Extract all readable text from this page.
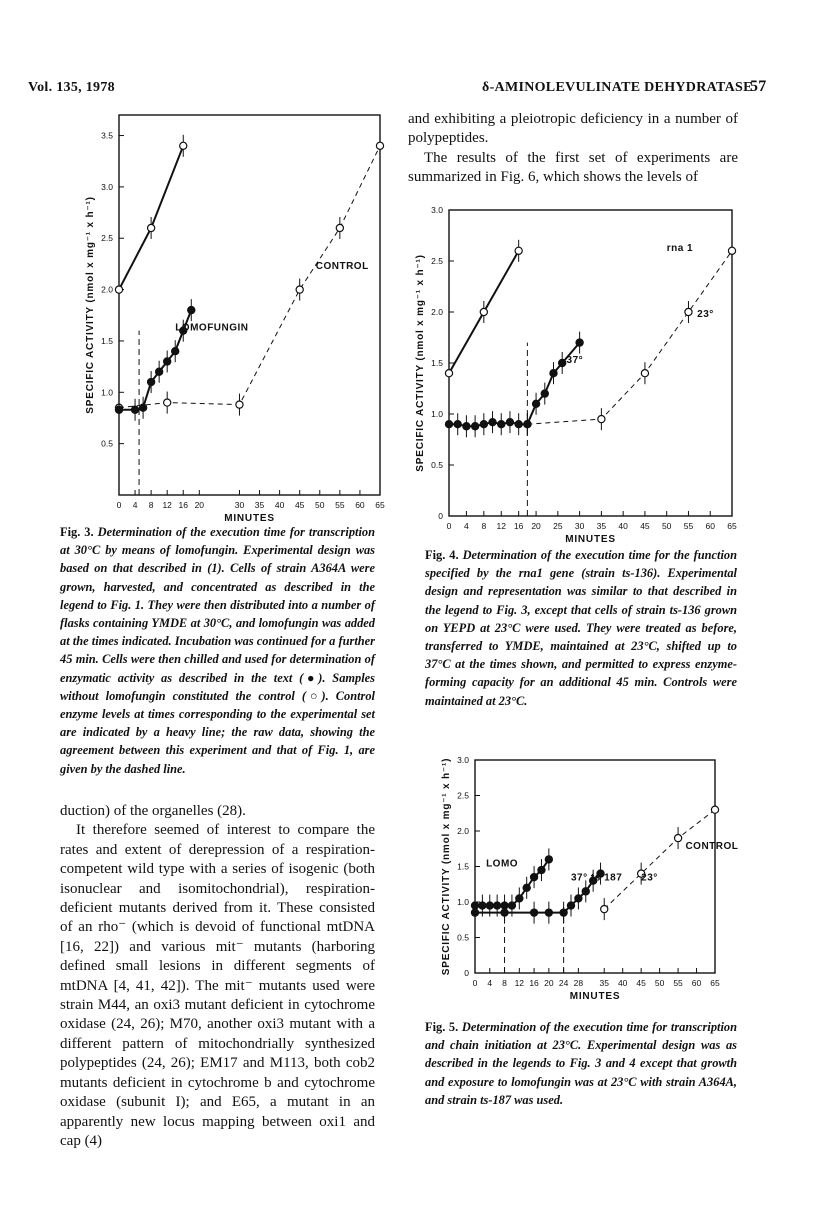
Vol. 135, 1978	δ-AMINOLEVULINATE DEHYDRATASE
57
0 4 8 12 16 20	30 35 40 45 50 55 60 65
0.5
1.0
1.5
2.0
2.5
3.0
3.5
MINUTES
SPECIFIC ACTIVITY (nmol x mg⁻¹ x h⁻¹)	CONTROL
LOMOFUNGIN
Fig. 3. Determination of the execution time for transcription at 30°C by means of lomofungin. Experimental design was based on that described in (1). Cells of strain A364A were grown, harvested, and concentrated as described in the legend to Fig. 1. They were then distributed into a number of flasks containing YMDE at 30°C, and lomofungin was added at the times indicated. Incubation was continued for a further 45 min. Cells were then chilled and used for determination of enzymatic activity as described in the text (●). Samples without lomofungin constituted the control (○). Control enzyme levels at times corresponding to the experimental set are indicated by a heavy line; the raw data, showing the agreement between this experiment and that of Fig. 1, are given by the dashed line.

duction) of the organelles (28).

It therefore seemed of interest to compare the rates and extent of derepression of a respiration-competent wild type with a series of isogenic (both isonuclear and isomitochondrial), respiration-deficient mutants derived from it. These consisted of an rho⁻ (which is devoid of functional mtDNA [16, 22]) and various mit⁻ mutants (harboring defined small lesions in different segments of mtDNA [4, 41, 42]). The mit⁻ mutants used were strain M44, an oxi3 mutant deficient in cytochrome oxidase (24, 26); M70, another oxi3 mutant with a different pattern of mitochondrially synthesized polypeptides (24, 26); EM17 and M113, both cob2 mutants deficient in cytochrome b and cytochrome oxidase (subunit I); and E65, a mutant in an apparently new locus mapping between oxi1 and cap (4)

and exhibiting a pleiotropic deficiency in a number of polypeptides.

The results of the first set of experiments are summarized in Fig. 6, which shows the levels of

0 4 8 12 16 20 25 30 35 40 45 50 55 60 65
0
0.5
1.0
1.5
2.0
2.5
3.0
MINUTES
SPECIFIC ACTIVITY (nmol x mg⁻¹ x h⁻¹)
rna 1
37°
23°
Fig. 4. Determination of the execution time for the function specified by the rna1 gene (strain ts-136). Experimental design and representation was similar to that described in the legend to Fig. 3, except that cells of strain ts-136 grown on YEPD at 23°C were used. They were treated as before, transferred to YMDE, maintained at 23°C, shifted up to 37°C at the times shown, and permitted to express enzyme-forming capacity for an additional 45 min. Controls were maintained at 23°C.
0 4 8 12 16 20 24 28 35 40 45 50 55 60 65
0
0.5
1.0
1.5
2.0
2.5
3.0
MINUTES
SPECIFIC ACTIVITY (nmol x mg⁻¹ x h⁻¹)	LOMO
37° ts 187
CONTROL
23°
Fig. 5. Determination of the execution time for transcription and chain initiation at 23°C. Experimental design was as described in the legends to Fig. 3 and 4 except that growth and exposure to lomofungin was at 23°C with strain A364A, and strain ts-187 was used.
